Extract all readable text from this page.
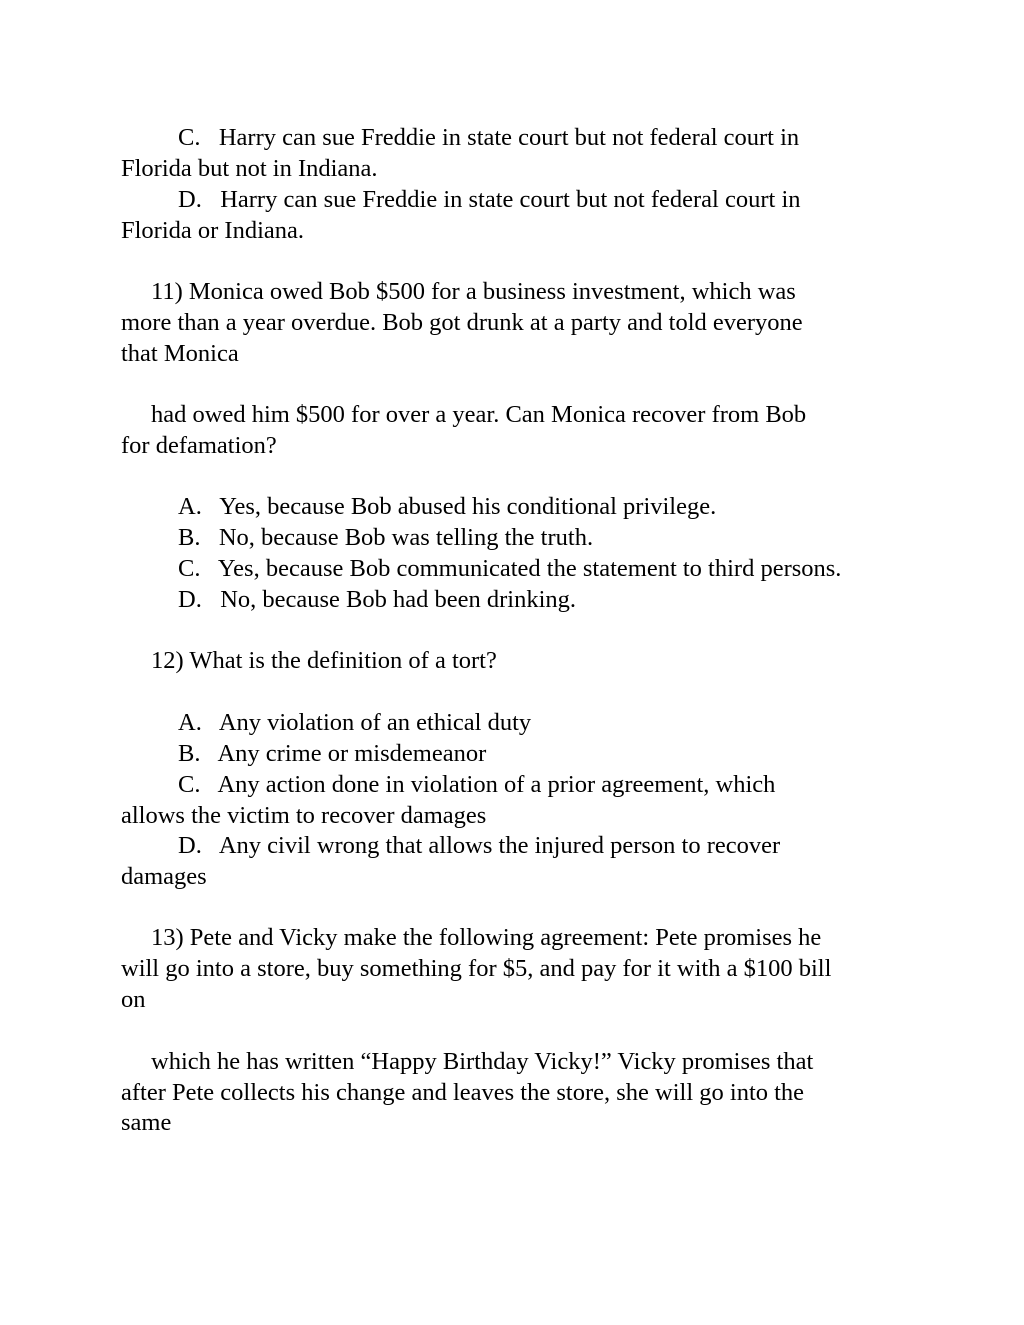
C.   Harry can sue Freddie in state court but not federal court in
Florida but not in Indiana.
D.   Harry can sue Freddie in state court but not federal court in
Florida or Indiana.
11) Monica owed Bob $500 for a business investment, which was
more than a year overdue. Bob got drunk at a party and told everyone
that Monica
had owed him $500 for over a year. Can Monica recover from Bob
for defamation?
A.   Yes, because Bob abused his conditional privilege.
B.   No, because Bob was telling the truth.
C.   Yes, because Bob communicated the statement to third persons.
D.   No, because Bob had been drinking.
12) What is the definition of a tort?
A.   Any violation of an ethical duty
B.   Any crime or misdemeanor
C.   Any action done in violation of a prior agreement, which
allows the victim to recover damages
D.   Any civil wrong that allows the injured person to recover
damages
13) Pete and Vicky make the following agreement: Pete promises he
will go into a store, buy something for $5, and pay for it with a $100 bill
on
which he has written “Happy Birthday Vicky!” Vicky promises that
after Pete collects his change and leaves the store, she will go into the
same
